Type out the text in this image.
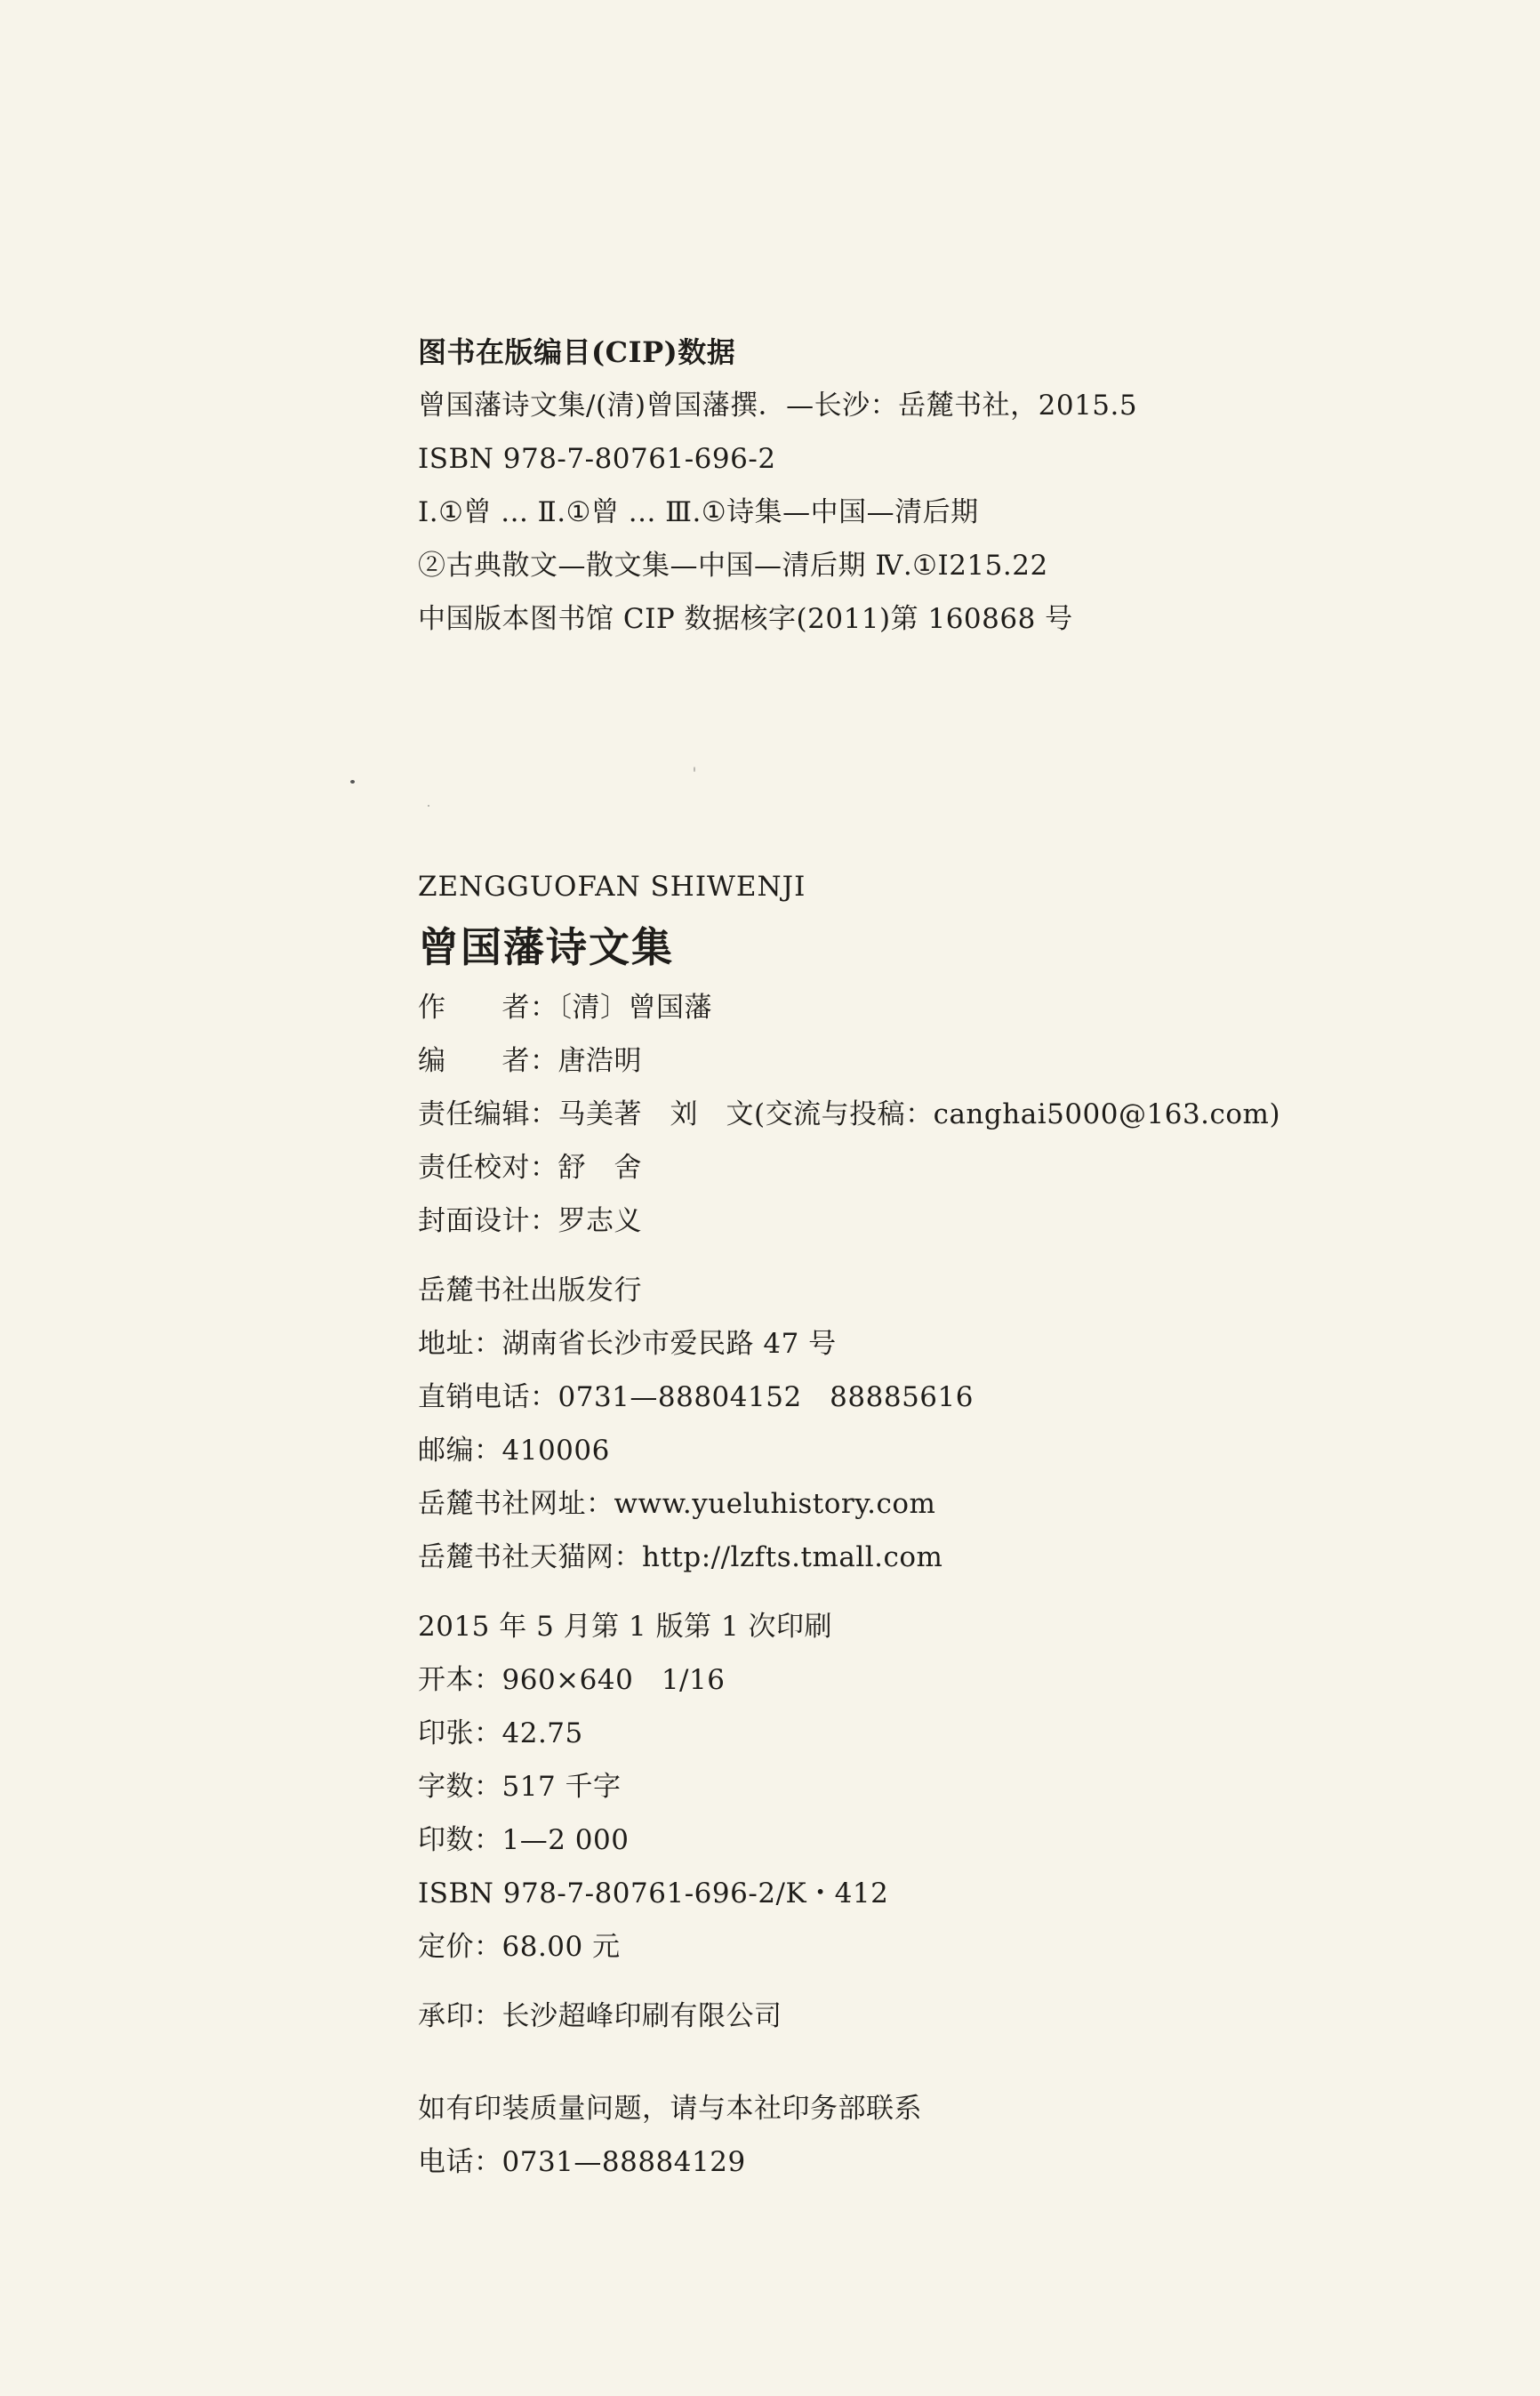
图书在版编目(CIP)数据
曾国藩诗文集/(清)曾国藩撰．—长沙：岳麓书社，2015.5
ISBN 978-7-80761-696-2
Ⅰ.①曾 ... Ⅱ.①曾 ... Ⅲ.①诗集—中国—清后期
②古典散文—散文集—中国—清后期 Ⅳ.①I215.22
中国版本图书馆 CIP 数据核字(2011)第 160868 号
ZENGGUOFAN SHIWENJI
曾国藩诗文集
作　　者：〔清〕曾国藩
编　　者：唐浩明
责任编辑：马美著　刘　文(交流与投稿：canghai5000@163.com)
责任校对：舒　舍
封面设计：罗志义
岳麓书社出版发行
地址：湖南省长沙市爱民路 47 号
直销电话：0731—88804152　88885616
邮编：410006
岳麓书社网址：www.yueluhistory.com
岳麓书社天猫网：http://lzfts.tmall.com
2015 年 5 月第 1 版第 1 次印刷
开本：960×640　1/16
印张：42.75
字数：517 千字
印数：1—2 000
ISBN 978-7-80761-696-2/K・412
定价：68.00 元
承印：长沙超峰印刷有限公司
如有印装质量问题，请与本社印务部联系
电话：0731—88884129
